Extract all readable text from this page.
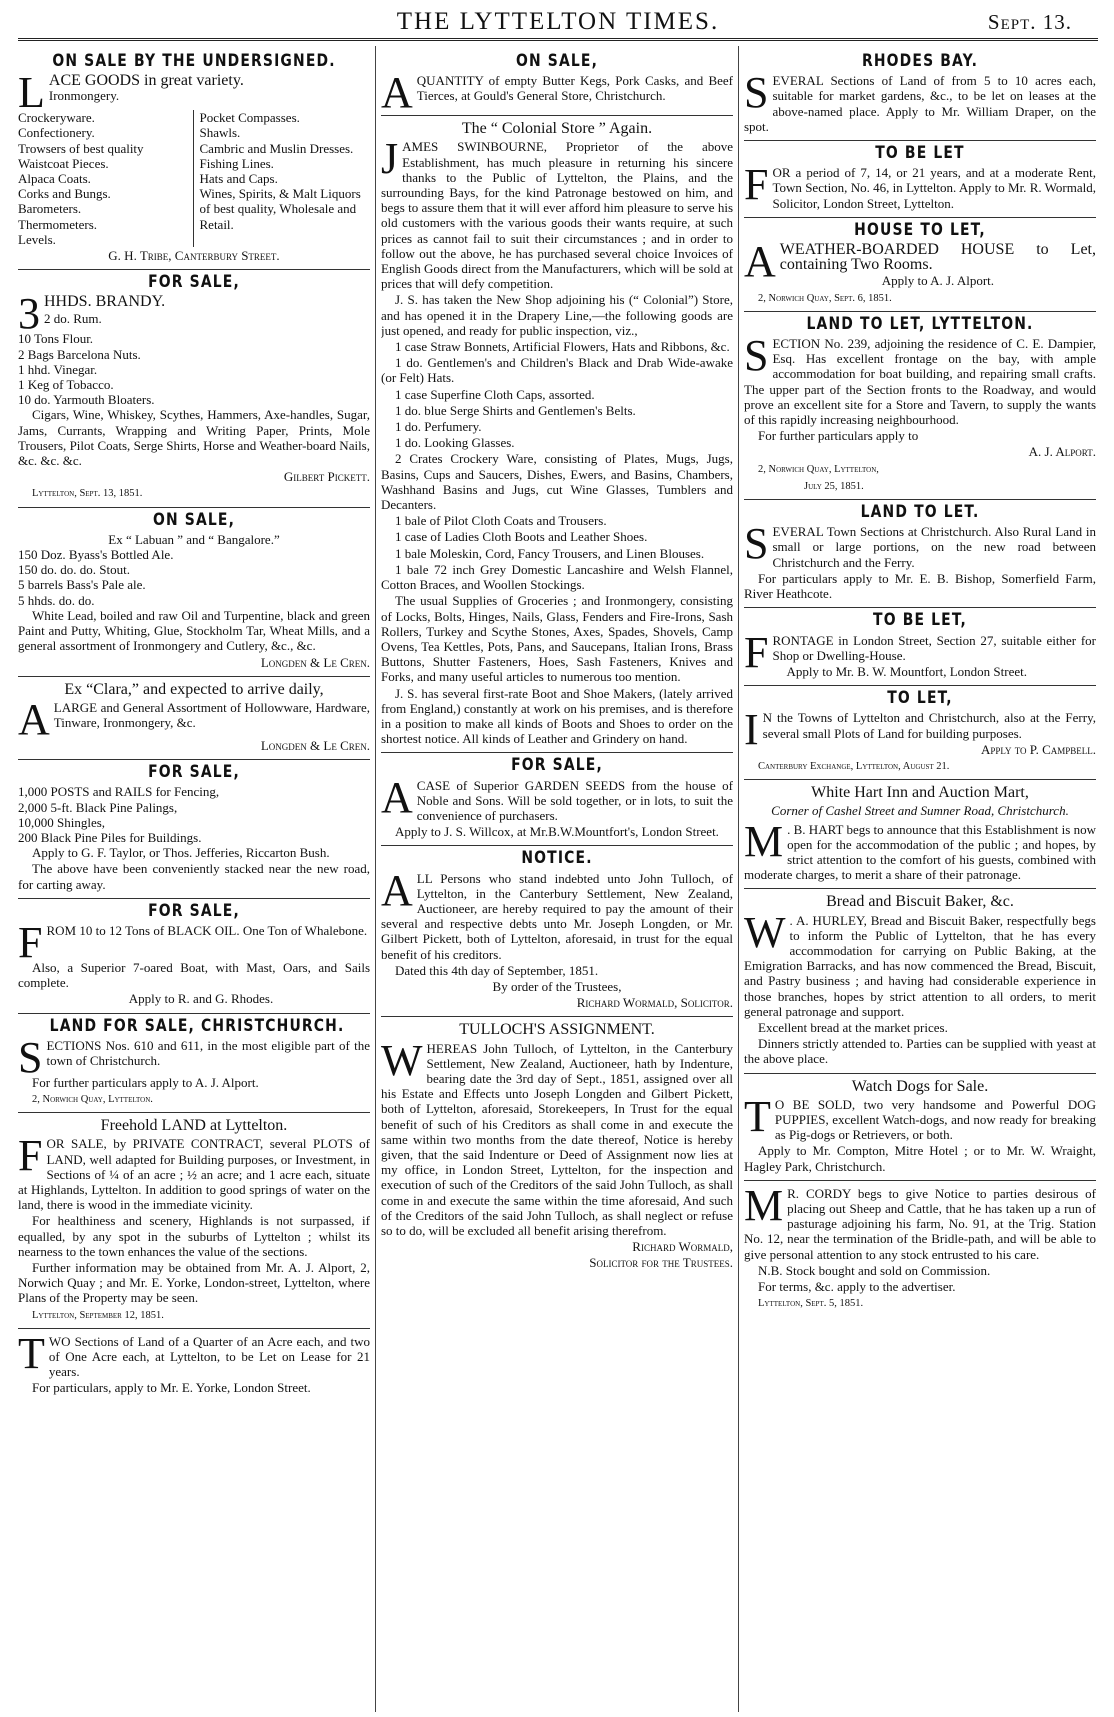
THE LYTTELTON TIMES.	Sept. 13.
ON SALE BY THE UNDERSIGNED.
LACE GOODS in great variety.
Ironmongery.
Crockeryware.
Confectionery.
Trowsers of best quality
Waistcoat Pieces.
Alpaca Coats.
Corks and Bungs.
Barometers.
Thermometers.
Levels.
Pocket Compasses.
Shawls.
Cambric and Muslin Dresses.
Fishing Lines.
Hats and Caps.
Wines, Spirits, & Malt Liquors of best quality, Wholesale and Retail.
G. H. Tribe, Canterbury Street.
FOR SALE,
3 HHDS. BRANDY.
2 do. Rum.
10 Tons Flour.
2 Bags Barcelona Nuts.
1 hhd. Vinegar.
1 Keg of Tobacco.
10 do. Yarmouth Bloaters.
Cigars, Wine, Whiskey, Scythes, Hammers, Axe-handles, Sugar, Jams, Currants, Wrapping and Writing Paper, Prints, Mole Trousers, Pilot Coats, Serge Shirts, Horse and Weather-board Nails, &c. &c. &c.
Gilbert Pickett.
Lyttelton, Sept. 13, 1851.
ON SALE,
Ex “ Labuan ” and “ Bangalore.”
150 Doz. Byass's Bottled Ale.
150 do. do. do. Stout.
5 barrels Bass's Pale ale.
5 hhds. do. do.
White Lead, boiled and raw Oil and Turpentine, black and green Paint and Putty, Whiting, Glue, Stockholm Tar, Wheat Mills, and a general assortment of Ironmongery and Cutlery, &c., &c.
Longden & Le Cren.
Ex “Clara,” and expected to arrive daily,
ALARGE and General Assortment of Hollowware, Hardware, Tinware, Ironmongery, &c.
Longden & Le Cren.
FOR SALE,
1,000 POSTS and RAILS for Fencing,
2,000 5-ft. Black Pine Palings,
10,000 Shingles,
200 Black Pine Piles for Buildings.
Apply to G. F. Taylor, or Thos. Jefferies, Riccarton Bush.
The above have been conveniently stacked near the new road, for carting away.
FOR SALE,
FROM 10 to 12 Tons of BLACK OIL. One Ton of Whalebone.
Also, a Superior 7-oared Boat, with Mast, Oars, and Sails complete.
Apply to R. and G. Rhodes.
LAND FOR SALE, CHRISTCHURCH.
SECTIONS Nos. 610 and 611, in the most eligible part of the town of Christchurch.
For further particulars apply to A. J. Alport.
2, Norwich Quay, Lyttelton.
Freehold LAND at Lyttelton.
FOR SALE, by PRIVATE CONTRACT, several PLOTS of LAND, well adapted for Building purposes, or Investment, in Sections of ¼ of an acre ; ½ an acre; and 1 acre each, situate at Highlands, Lyttelton. In addition to good springs of water on the land, there is wood in the immediate vicinity.
For healthiness and scenery, Highlands is not surpassed, if equalled, by any spot in the suburbs of Lyttelton ; whilst its nearness to the town enhances the value of the sections.
Further information may be obtained from Mr. A. J. Alport, 2, Norwich Quay ; and Mr. E. Yorke, London-street, Lyttelton, where Plans of the Property may be seen.
Lyttelton, September 12, 1851.
TWO Sections of Land of a Quarter of an Acre each, and two of One Acre each, at Lyttelton, to be Let on Lease for 21 years.
For particulars, apply to Mr. E. Yorke, London Street.
ON SALE,
AQUANTITY of empty Butter Kegs, Pork Casks, and Beef Tierces, at Gould's General Store, Christchurch.
The “ Colonial Store ” Again.
JAMES SWINBOURNE, Proprietor of the above Establishment, has much pleasure in returning his sincere thanks to the Public of Lyttelton, the Plains, and the surrounding Bays, for the kind Patronage bestowed on him, and begs to assure them that it will ever afford him pleasure to serve his old customers with the various goods their wants require, at such prices as cannot fail to suit their circumstances ; and in order to follow out the above, he has purchased several choice Invoices of English Goods direct from the Manufacturers, which will be sold at prices that will defy competition.
J. S. has taken the New Shop adjoining his (“ Colonial”) Store, and has opened it in the Drapery Line,—the following goods are just opened, and ready for public inspection, viz.,
1 case Straw Bonnets, Artificial Flowers, Hats and Ribbons, &c.
1 do. Gentlemen's and Children's Black and Drab Wide-awake (or Felt) Hats.
1 case Superfine Cloth Caps, assorted.
1 do. blue Serge Shirts and Gentlemen's Belts.
1 do. Perfumery.
1 do. Looking Glasses.
2 Crates Crockery Ware, consisting of Plates, Mugs, Jugs, Basins, Cups and Saucers, Dishes, Ewers, and Basins, Chambers, Washhand Basins and Jugs, cut Wine Glasses, Tumblers and Decanters.
1 bale of Pilot Cloth Coats and Trousers.
1 case of Ladies Cloth Boots and Leather Shoes.
1 bale Moleskin, Cord, Fancy Trousers, and Linen Blouses.
1 bale 72 inch Grey Domestic Lancashire and Welsh Flannel, Cotton Braces, and Woollen Stockings.
The usual Supplies of Groceries ; and Ironmongery, consisting of Locks, Bolts, Hinges, Nails, Glass, Fenders and Fire-Irons, Sash Rollers, Turkey and Scythe Stones, Axes, Spades, Shovels, Camp Ovens, Tea Kettles, Pots, Pans, and Saucepans, Italian Irons, Brass Buttons, Shutter Fasteners, Hoes, Sash Fasteners, Knives and Forks, and many useful articles to numerous too mention.
J. S. has several first-rate Boot and Shoe Makers, (lately arrived from England,) constantly at work on his premises, and is therefore in a position to make all kinds of Boots and Shoes to order on the shortest notice. All kinds of Leather and Grindery on hand.
FOR SALE,
ACASE of Superior GARDEN SEEDS from the house of Noble and Sons. Will be sold together, or in lots, to suit the convenience of purchasers.
Apply to J. S. Willcox, at Mr.B.W.Mountfort's, London Street.
NOTICE.
ALL Persons who stand indebted unto John Tulloch, of Lyttelton, in the Canterbury Settlement, New Zealand, Auctioneer, are hereby required to pay the amount of their several and respective debts unto Mr. Joseph Longden, or Mr. Gilbert Pickett, both of Lyttelton, aforesaid, in trust for the equal benefit of his creditors.
Dated this 4th day of September, 1851.
By order of the Trustees,
Richard Wormald, Solicitor.
TULLOCH'S ASSIGNMENT.
WHEREAS John Tulloch, of Lyttelton, in the Canterbury Settlement, New Zealand, Auctioneer, hath by Indenture, bearing date the 3rd day of Sept., 1851, assigned over all his Estate and Effects unto Joseph Longden and Gilbert Pickett, both of Lyttelton, aforesaid, Storekeepers, In Trust for the equal benefit of such of his Creditors as shall come in and execute the same within two months from the date thereof, Notice is hereby given, that the said Indenture or Deed of Assignment now lies at my office, in London Street, Lyttelton, for the inspection and execution of such of the Creditors of the said John Tulloch, as shall come in and execute the same within the time aforesaid, And such of the Creditors of the said John Tulloch, as shall neglect or refuse so to do, will be excluded all benefit arising therefrom.
Richard Wormald,
Solicitor for the Trustees.
RHODES BAY.
SEVERAL Sections of Land of from 5 to 10 acres each, suitable for market gardens, &c., to be let on leases at the above-named place. Apply to Mr. William Draper, on the spot.
TO BE LET
FOR a period of 7, 14, or 21 years, and at a moderate Rent, Town Section, No. 46, in Lyttelton. Apply to Mr. R. Wormald, Solicitor, London Street, Lyttelton.
HOUSE TO LET,
AWEATHER-BOARDED HOUSE to Let, containing Two Rooms.
Apply to A. J. Alport.
2, Norwich Quay, Sept. 6, 1851.
LAND TO LET, LYTTELTON.
SECTION No. 239, adjoining the residence of C. E. Dampier, Esq. Has excellent frontage on the bay, with ample accommodation for boat building, and repairing small crafts. The upper part of the Section fronts to the Roadway, and would prove an excellent site for a Store and Tavern, to supply the wants of this rapidly increasing neighbourhood.
For further particulars apply to
A. J. Alport.
2, Norwich Quay, Lyttelton,
July 25, 1851.
LAND TO LET.
SEVERAL Town Sections at Christchurch. Also Rural Land in small or large portions, on the new road between Christchurch and the Ferry.
For particulars apply to Mr. E. B. Bishop, Somerfield Farm, River Heathcote.
TO BE LET,
FRONTAGE in London Street, Section 27, suitable either for Shop or Dwelling-House.
Apply to Mr. B. W. Mountfort, London Street.
TO LET,
I N the Towns of Lyttelton and Christchurch, also at the Ferry, several small Plots of Land for building purposes.
Apply to P. Campbell.
Canterbury Exchange, Lyttelton, August 21.
White Hart Inn and Auction Mart,
Corner of Cashel Street and Sumner Road, Christchurch.
M . B. HART begs to announce that this Establishment is now open for the accommodation of the public ; and hopes, by strict attention to the comfort of his guests, combined with moderate charges, to merit a share of their patronage.
Bread and Biscuit Baker, &c.
W . A. HURLEY, Bread and Biscuit Baker, respectfully begs to inform the Public of Lyttelton, that he has every accommodation for carrying on Public Baking, at the Emigration Barracks, and has now commenced the Bread, Biscuit, and Pastry business ; and having had considerable experience in those branches, hopes by strict attention to all orders, to merit general patronage and support.
Excellent bread at the market prices.
Dinners strictly attended to. Parties can be supplied with yeast at the above place.
Watch Dogs for Sale.
T O BE SOLD, two very handsome and Powerful DOG PUPPIES, excellent Watch-dogs, and now ready for breaking as Pig-dogs or Retrievers, or both.
Apply to Mr. Compton, Mitre Hotel ; or to Mr. W. Wraight, Hagley Park, Christchurch.
M R. CORDY begs to give Notice to parties desirous of placing out Sheep and Cattle, that he has taken up a run of pasturage adjoining his farm, No. 91, at the Trig. Station No. 12, near the termination of the Bridle-path, and will be able to give personal attention to any stock entrusted to his care.
N.B. Stock bought and sold on Commission.
For terms, &c. apply to the advertiser.
Lyttelton, Sept. 5, 1851.
